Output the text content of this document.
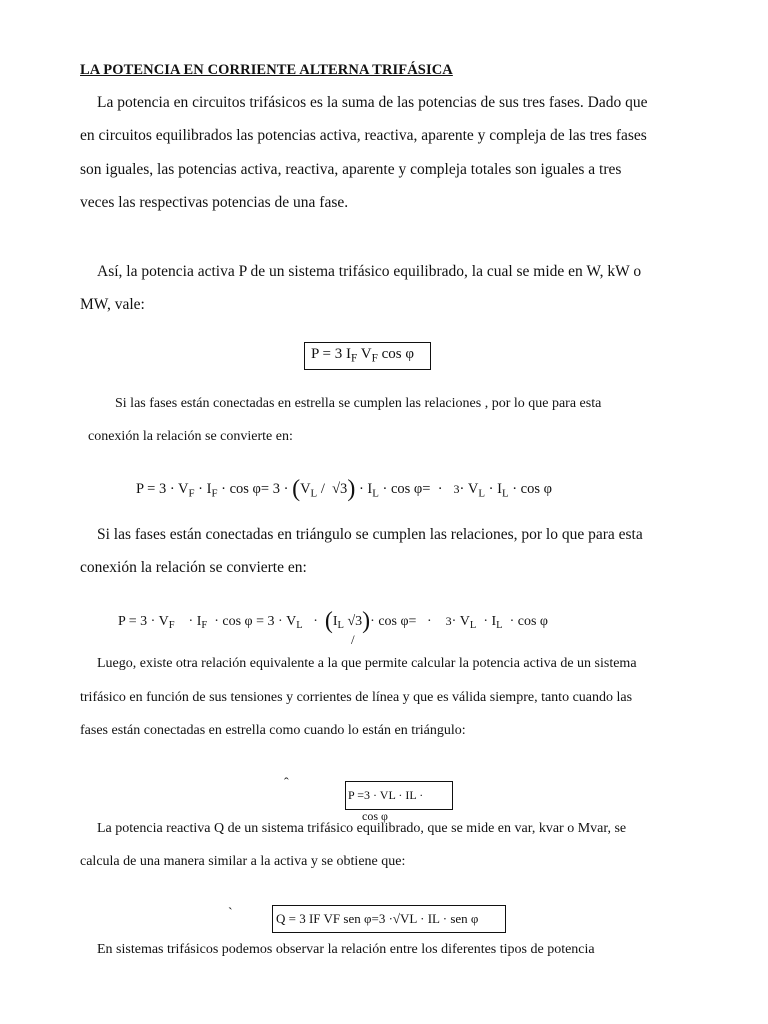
LA POTENCIA EN CORRIENTE ALTERNA TRIFÁSICA
La potencia en circuitos trifásicos es la suma de las potencias de sus tres fases. Dado que
en circuitos equilibrados las potencias activa, reactiva, aparente y compleja de las tres fases
son iguales, las potencias activa, reactiva, aparente y compleja totales son iguales a tres
veces las respectivas potencias de una fase.
Así, la potencia activa P de un sistema trifásico equilibrado, la cual se mide en W, kW o
MW, vale:
P = 3 $I_F$ $V_F$ cos φ
Si las fases están conectadas en estrella se cumplen las relaciones , por lo que para esta
conexión la relación se convierte en:
$P = 3 \cdot V_F \cdot I_F \cdot \cos \varphi= 3 \cdot (V_L / √3) \cdot I_L \cdot \cos \varphi= \cdot 3\cdot V_L \cdot I_L \cdot \cos \varphi$
Si las fases están conectadas en triángulo se cumplen las relaciones, por lo que para esta
conexión la relación se convierte en:
$P = 3 \cdot V_F \cdot I_F \cdot \cos \varphi = 3 \cdot V_L \cdot (I_L$ $√3)\cdot \cos \varphi= \cdot 3\cdot V_L \cdot I_L \cdot \cos \varphi$
/
Luego, existe otra relación equivalente a la que permite calcular la potencia activa de un sistema
trifásico en función de sus tensiones y corrientes de línea y que es válida siempre, tanto cuando las
fases están conectadas en estrella como cuando lo están en triángulo:
ˆ
P =3 · VL · IL ·
cos φ
La potencia reactiva Q de un sistema trifásico equilibrado, que se mide en var, kvar o Mvar, se
calcula de una manera similar a la activa y se obtiene que:
`	Q = 3 IF VF sen φ=3 ·√VL · IL · sen φ
En sistemas trifásicos podemos observar la relación entre los diferentes tipos de potencia
